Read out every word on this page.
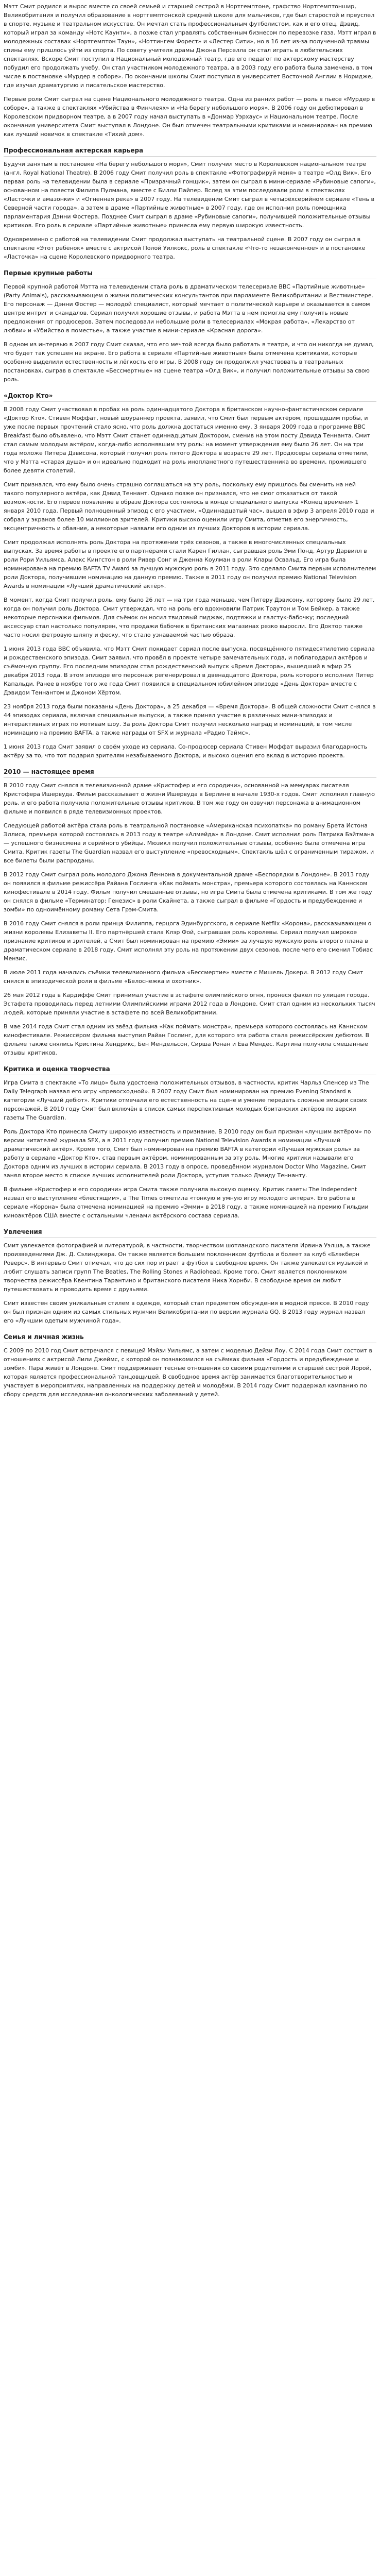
Мэтт Смит родился и вырос вместе со своей семьей и старшей сестрой в Нортгемптоне, графство Нортгемптоншир, Великобритания и получил образование в нортгемптонской средней школе для мальчиков, где был старостой и преуспел в спорте, музыке и театральном искусстве. Он мечтал стать профессиональным футболистом, как и его отец, Дэвид, который играл за команду «Нотс Каунти», а позже стал управлять собственным бизнесом по перевозке газа. Мэтт играл в молодежных составах «Нортгемптон Таун», «Ноттингем Форест» и «Лестер Сити», но в 16 лет из-за полученной травмы спины ему пришлось уйти из спорта. По совету учителя драмы Джона Перселла он стал играть в любительских спектаклях. Вскоре Смит поступил в Национальный молодежный театр, где его педагог по актерскому мастерству побудил его продолжать учебу. Он стал участником молодежного театра, а в 2003 году его работа была замечена, в том числе в постановке «Мурдер в соборе». По окончании школы Смит поступил в университет Восточной Англии в Норидже, где изучал драматургию и писательское мастерство.

Первые роли Смит сыграл на сцене Национального молодежного театра. Одна из ранних работ — роль в пьесе «Мурдер в соборе», а также в спектаклях «Убийства в Финчлеях» и «На берегу небольшого моря». В 2006 году он дебютировал в Королевском придворном театре, а в 2007 году начал выступать в «Донмар Уэрхаус» и Национальном театре. После окончания университета Смит выступал в Лондоне. Он был отмечен театральными критиками и номинирован на премию как лучший новичок в спектакле «Тихий дом».

Профессиональная актерская карьера

Будучи занятым в постановке «На берегу небольшого моря», Смит получил место в Королевском национальном театре (англ. Royal National Theatre). В 2006 году Смит получил роль в спектакле «Фотографируй меня» в театре «Олд Вик». Его первая роль на телевидении была в сериале «Призрачный гонщик», затем он сыграл в мини-сериале «Рубиновые сапоги», основанном на повести Филипа Пулмана, вместе с Билли Пайпер. Вслед за этим последовали роли в спектаклях «Ласточки и амазонки» и «Огненная река» в 2007 году. На телевидении Смит сыграл в четырёхсерийном сериале «Тень в Северной части города», а затем в драме «Партийные животные» в 2007 году, где он исполнил роль помощника парламентария Дэнни Фостера. Позднее Смит сыграл в драме «Рубиновые сапоги», получившей положительные отзывы критиков. Его роль в сериале «Партийные животные» принесла ему первую широкую известность.

Одновременно с работой на телевидении Смит продолжал выступать на театральной сцене. В 2007 году он сыграл в спектакле «Этот ребёнок» вместе с актрисой Полой Уилкокс, роль в спектакле «Что-то незаконченное» и в постановке «Ласточка» на сцене Королевского придворного театра.

Первые крупные работы

Первой крупной работой Мэтта на телевидении стала роль в драматическом телесериале BBC «Партийные животные» (Party Animals), рассказывающем о жизни политических консультантов при парламенте Великобритании и Вестминстере. Его персонаж — Дэнни Фостер — молодой специалист, который мечтает о политической карьере и оказывается в самом центре интриг и скандалов. Сериал получил хорошие отзывы, и работа Мэтта в нем помогла ему получить новые предложения от продюсеров. Затем последовали небольшие роли в телесериалах «Мокрая работа», «Лекарство от любви» и «Убийство в поместье», а также участие в мини-сериале «Красная дорога».

В одном из интервью в 2007 году Смит сказал, что его мечтой всегда было работать в театре, и что он никогда не думал, что будет так успешен на экране. Его работа в сериале «Партийные животные» была отмечена критиками, которые особенно выделили естественность и лёгкость его игры. В 2008 году он продолжил участвовать в театральных постановках, сыграв в спектакле «Бессмертные» на сцене театра «Олд Вик», и получил положительные отзывы за свою роль.

«Доктор Кто»

В 2008 году Смит участвовал в пробах на роль одиннадцатого Доктора в британском научно-фантастическом сериале «Доктор Кто». Стивен Моффат, новый шоураннер проекта, заявил, что Смит был первым актёром, прошедшим пробы, и уже после первых прочтений стало ясно, что роль должна достаться именно ему. 3 января 2009 года в программе BBC Breakfast было объявлено, что Мэтт Смит станет одиннадцатым Доктором, сменив на этом посту Дэвида Теннанта. Смит стал самым молодым актёром, когда-либо исполнявшим эту роль: на момент утверждения ему было 26 лет. Он на три года моложе Питера Дэвисона, который получил роль пятого Доктора в возрасте 29 лет. Продюсеры сериала отметили, что у Мэтта «старая душа» и он идеально подходит на роль инопланетного путешественника во времени, прожившего более девяти столетий.

Смит признался, что ему было очень страшно соглашаться на эту роль, поскольку ему пришлось бы сменить на ней такого популярного актёра, как Дэвид Теннант. Однако позже он признался, что не смог отказаться от такой возможности. Его первое появление в образе Доктора состоялось в конце специального выпуска «Конец времени» 1 января 2010 года. Первый полноценный эпизод с его участием, «Одиннадцатый час», вышел в эфир 3 апреля 2010 года и собрал у экранов более 10 миллионов зрителей. Критики высоко оценили игру Смита, отметив его энергичность, эксцентричность и обаяние, а некоторые назвали его одним из лучших Докторов в истории сериала.

Смит продолжал исполнять роль Доктора на протяжении трёх сезонов, а также в многочисленных специальных выпусках. За время работы в проекте его партнёрами стали Карен Гиллан, сыгравшая роль Эми Понд, Артур Дарвилл в роли Рори Уильямса, Алекс Кингстон в роли Ривер Сонг и Дженна Коулман в роли Клары Освальд. Его игра была номинирована на премию BAFTA TV Award за лучшую мужскую роль в 2011 году. Это сделало Смита первым исполнителем роли Доктора, получившим номинацию на данную премию. Также в 2011 году он получил премию National Television Awards в номинации «Лучший драматический актёр».

В момент, когда Смит получил роль, ему было 26 лет — на три года меньше, чем Питеру Дэвисону, которому было 29 лет, когда он получил роль Доктора. Смит утверждал, что на роль его вдохновили Патрик Траутон и Том Бейкер, а также некоторые персонажи фильмов. Для съёмок он носил твидовый пиджак, подтяжки и галстук-бабочку; последний аксессуар стал настолько популярен, что продажи бабочек в британских магазинах резко выросли. Его Доктор также часто носил фетровую шляпу и феску, что стало узнаваемой частью образа.

1 июня 2013 года BBC объявила, что Мэтт Смит покидает сериал после выпуска, посвящённого пятидесятилетию сериала и рождественского эпизода. Смит заявил, что провёл в проекте четыре замечательных года, и поблагодарил актёров и съёмочную группу. Его последним эпизодом стал рождественский выпуск «Время Доктора», вышедший в эфир 25 декабря 2013 года. В этом эпизоде его персонаж регенерировал в двенадцатого Доктора, роль которого исполнил Питер Капальди. Ранее в ноябре того же года Смит появился в специальном юбилейном эпизоде «День Доктора» вместе с Дэвидом Теннантом и Джоном Хёртом.

23 ноября 2013 года были показаны «День Доктора», а 25 декабря — «Время Доктора». В общей сложности Смит снялся в 44 эпизодах сериала, включая специальные выпуски, а также принял участие в различных мини-эпизодах и интерактивных играх по мотивам шоу. За роль Доктора Смит получил несколько наград и номинаций, в том числе номинацию на премию BAFTA, а также награды от SFX и журнала «Радио Таймс».

1 июня 2013 года Смит заявил о своём уходе из сериала. Со-продюсер сериала Стивен Моффат выразил благодарность актёру за то, что тот подарил зрителям незабываемого Доктора, и высоко оценил его вклад в историю проекта.

2010 — настоящее время

В 2010 году Смит снялся в телевизионной драме «Кристофер и его сородичи», основанной на мемуарах писателя Кристофера Ишервуда. Фильм рассказывает о жизни Ишервуда в Берлине в начале 1930-х годов. Смит исполнил главную роль, и его работа получила положительные отзывы критиков. В том же году он озвучил персонажа в анимационном фильме и появился в ряде телевизионных проектов.

Следующей работой актёра стала роль в театральной постановке «Американская психопатка» по роману Брета Истона Эллиса, премьера которой состоялась в 2013 году в театре «Алмейда» в Лондоне. Смит исполнил роль Патрика Бэйтмана — успешного бизнесмена и серийного убийцы. Мюзикл получил положительные отзывы, особенно была отмечена игра Смита. Критик газеты The Guardian назвал его выступление «превосходным». Спектакль шёл с ограниченным тиражом, и все билеты были распроданы.

В 2012 году Смит сыграл роль молодого Джона Леннона в документальной драме «Беспорядки в Лондоне». В 2013 году он появился в фильме режиссёра Райана Гослинга «Как поймать монстра», премьера которого состоялась на Каннском кинофестивале в 2014 году. Фильм получил смешанные отзывы, но игра Смита была отмечена критиками. В том же году он снялся в фильме «Терминатор: Генезис» в роли Скайнета, а также сыграл в фильме «Гордость и предубеждение и зомби» по одноимённому роману Сета Грэм-Смита.

В 2016 году Смит снялся в роли принца Филиппа, герцога Эдинбургского, в сериале Netflix «Корона», рассказывающем о жизни королевы Елизаветы II. Его партнёршей стала Клэр Фой, сыгравшая роль королевы. Сериал получил широкое признание критиков и зрителей, а Смит был номинирован на премию «Эмми» за лучшую мужскую роль второго плана в драматическом сериале в 2018 году. Смит исполнял эту роль на протяжении двух сезонов, после чего его сменил Тобиас Мензис.

В июле 2011 года начались съёмки телевизионного фильма «Бессмертие» вместе с Мишель Докери. В 2012 году Смит снялся в эпизодической роли в фильме «Белоснежка и охотник».

26 мая 2012 года в Кардиффе Смит принимал участие в эстафете олимпийского огня, пронеся факел по улицам города. Эстафета проводилась перед летними Олимпийскими играми 2012 года в Лондоне. Смит стал одним из нескольких тысяч людей, которые приняли участие в эстафете по всей Великобритании.

В мае 2014 года Смит стал одним из звёзд фильма «Как поймать монстра», премьера которого состоялась на Каннском кинофестивале. Режиссёром фильма выступил Райан Гослинг, для которого эта работа стала режиссёрским дебютом. В фильме также снялись Кристина Хендрикс, Бен Мендельсон, Сирша Ронан и Ева Мендес. Картина получила смешанные отзывы критиков.

Критика и оценка творчества

Игра Смита в спектакле «То лицо» была удостоена положительных отзывов, в частности, критик Чарльз Спенсер из The Daily Telegraph назвал его игру «превосходной». В 2007 году Смит был номинирован на премию Evening Standard в категории «Лучший дебют». Критики отмечали его естественность на сцене и умение передать сложные эмоции своих персонажей. В 2010 году Смит был включён в список самых перспективных молодых британских актёров по версии газеты The Guardian.

Роль Доктора Кто принесла Смиту широкую известность и признание. В 2010 году он был признан «лучшим актёром» по версии читателей журнала SFX, а в 2011 году получил премию National Television Awards в номинации «Лучший драматический актёр». Кроме того, Смит был номинирован на премию BAFTA в категории «Лучшая мужская роль» за работу в сериале «Доктор Кто», став первым актёром, номинированным за эту роль. Многие критики называли его Доктора одним из лучших в истории сериала. В 2013 году в опросе, проведённом журналом Doctor Who Magazine, Смит занял второе место в списке лучших исполнителей роли Доктора, уступив только Дэвиду Теннанту.

В фильме «Кристофер и его сородичи» игра Смита также получила высокую оценку. Критик газеты The Independent назвал его выступление «блестящим», а The Times отметила «тонкую и умную игру молодого актёра». Его работа в сериале «Корона» была отмечена номинацией на премию «Эмми» в 2018 году, а также номинацией на премию Гильдии киноактёров США вместе с остальными членами актёрского состава сериала.

Увлечения

Смит увлекается фотографией и литературой, в частности, творчеством шотландского писателя Ирвина Уэлша, а также произведениями Дж. Д. Сэлинджера. Он также является большим поклонником футбола и болеет за клуб «Блэкберн Роверс». В интервью Смит отмечал, что до сих пор играет в футбол в свободное время. Он также увлекается музыкой и любит слушать записи групп The Beatles, The Rolling Stones и Radiohead. Кроме того, Смит является поклонником творчества режиссёра Квентина Тарантино и британского писателя Ника Хорнби. В свободное время он любит путешествовать и проводить время с друзьями.

Смит известен своим уникальным стилем в одежде, который стал предметом обсуждения в модной прессе. В 2010 году он был признан одним из самых стильных мужчин Великобритании по версии журнала GQ. В 2013 году журнал назвал его «Лучшим одетым мужчиной года».

Семья и личная жизнь

С 2009 по 2010 год Смит встречался с певицей Мэйзи Уильямс, а затем с моделью Дейзи Лоу. С 2014 года Смит состоит в отношениях с актрисой Лили Джеймс, с которой он познакомился на съёмках фильма «Гордость и предубеждение и зомби». Пара живёт в Лондоне. Смит поддерживает тесные отношения со своими родителями и старшей сестрой Лорой, которая является профессиональной танцовщицей. В свободное время актёр занимается благотворительностью и участвует в мероприятиях, направленных на поддержку детей и молодёжи. В 2014 году Смит поддержал кампанию по сбору средств для исследования онкологических заболеваний у детей.
